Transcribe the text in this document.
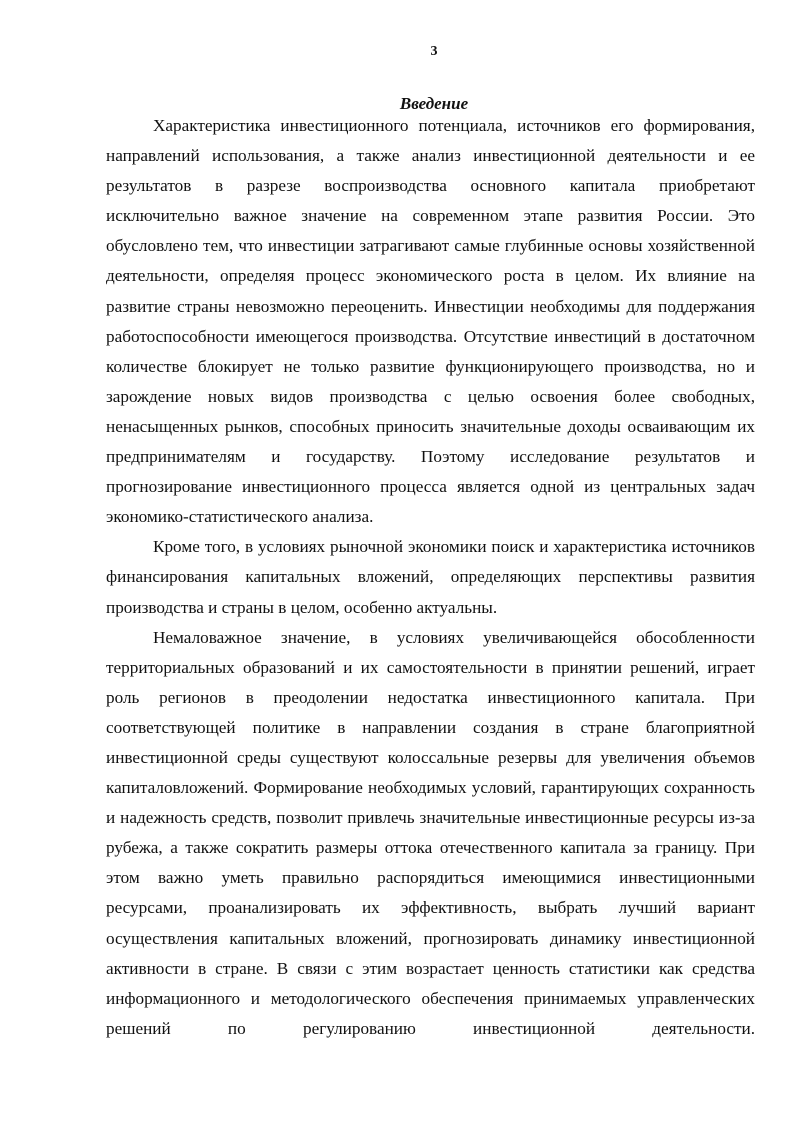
3
Введение

Характеристика инвестиционного потенциала, источников его формирования, направлений использования, а также анализ инвестиционной деятельности и ее результатов в разрезе воспроизводства основного капитала приобретают исключительно важное значение на современном этапе развития России. Это обусловлено тем, что инвестиции затрагивают самые глубинные основы хозяйственной деятельности, определяя процесс экономического роста в целом. Их влияние на развитие страны невозможно переоценить. Инвестиции необходимы для поддержания работоспособности имеющегося производства. Отсутствие инвестиций в достаточном количестве блокирует не только развитие функционирующего производства, но и зарождение новых видов производства с целью освоения более свободных, ненасыщенных рынков, способных приносить значительные доходы осваивающим их предпринимателям и государству. Поэтому исследование результатов и прогнозирование инвестиционного процесса является одной из центральных задач экономико-статистического анализа.

Кроме того, в условиях рыночной экономики поиск и характеристика источников финансирования капитальных вложений, определяющих перспективы развития производства и страны в целом, особенно актуальны.

Немаловажное значение, в условиях увеличивающейся обособленности территориальных образований и их самостоятельности в принятии решений, играет роль регионов в преодолении недостатка инвестиционного капитала. При соответствующей политике в направлении создания в стране благоприятной инвестиционной среды существуют колоссальные резервы для увеличения объемов капиталовложений. Формирование необходимых условий, гарантирующих сохранность и надежность средств, позволит привлечь значительные инвестиционные ресурсы из-за рубежа, а также сократить размеры оттока отечественного капитала за границу. При этом важно уметь правильно распорядиться имеющимися инвестиционными ресурсами, проанализировать их эффективность, выбрать лучший вариант осуществления капитальных вложений, прогнозировать динамику инвестиционной активности в стране. В связи с этим возрастает ценность статистики как средства информационного и методологического обеспечения принимаемых управленческих решений по регулированию инвестиционной деятельности.
